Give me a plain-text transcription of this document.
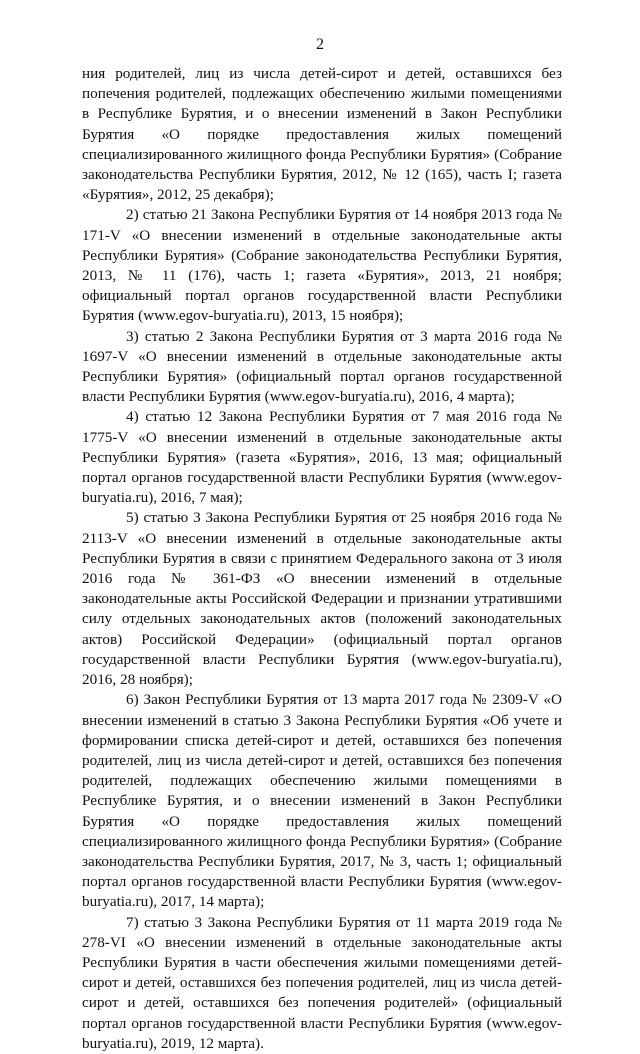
2

ния родителей, лиц из числа детей-сирот и детей, оставшихся без попечения родителей, подлежащих обеспечению жилыми помещениями в Республике Бурятия, и о внесении изменений в Закон Республики Бурятия «О порядке предоставления жилых помещений специализированного жилищного фонда Республики Бурятия» (Собрание законодательства Республики Бурятия, 2012, № 12 (165), часть I; газета «Бурятия», 2012, 25 декабря);

2) статью 21 Закона Республики Бурятия от 14 ноября 2013 года № 171-V «О внесении изменений в отдельные законодательные акты Республики Бурятия» (Собрание законодательства Республики Бурятия, 2013, № 11 (176), часть 1; газета «Бурятия», 2013, 21 ноября; официальный портал органов государственной власти Республики Бурятия (www.egov-buryatia.ru), 2013, 15 ноября);

3) статью 2 Закона Республики Бурятия от 3 марта 2016 года № 1697-V «О внесении изменений в отдельные законодательные акты Республики Бурятия» (официальный портал органов государственной власти Республики Бурятия (www.egov-buryatia.ru), 2016, 4 марта);

4) статью 12 Закона Республики Бурятия от 7 мая 2016 года № 1775-V «О внесении изменений в отдельные законодательные акты Республики Бурятия» (газета «Бурятия», 2016, 13 мая; официальный портал органов государственной власти Республики Бурятия (www.egov-buryatia.ru), 2016, 7 мая);

5) статью 3 Закона Республики Бурятия от 25 ноября 2016 года № 2113-V «О внесении изменений в отдельные законодательные акты Республики Бурятия в связи с принятием Федерального закона от 3 июля 2016 года № 361-ФЗ «О внесении изменений в отдельные законодательные акты Российской Федерации и признании утратившими силу отдельных законодательных актов (положений законодательных актов) Российской Федерации» (официальный портал органов государственной власти Республики Бурятия (www.egov-buryatia.ru), 2016, 28 ноября);

6) Закон Республики Бурятия от 13 марта 2017 года № 2309-V «О внесении изменений в статью 3 Закона Республики Бурятия «Об учете и формировании списка детей-сирот и детей, оставшихся без попечения родителей, лиц из числа детей-сирот и детей, оставшихся без попечения родителей, подлежащих обеспечению жилыми помещениями в Республике Бурятия, и о внесении изменений в Закон Республики Бурятия «О порядке предоставления жилых помещений специализированного жилищного фонда Республики Бурятия» (Собрание законодательства Республики Бурятия, 2017, № 3, часть 1; официальный портал органов государственной власти Республики Бурятия (www.egov-buryatia.ru), 2017, 14 марта);

7) статью 3 Закона Республики Бурятия от 11 марта 2019 года № 278-VI «О внесении изменений в отдельные законодательные акты Республики Бурятия в части обеспечения жилыми помещениями детей-сирот и детей, оставшихся без попечения родителей, лиц из числа детей-сирот и детей, оставшихся без попечения родителей» (официальный портал органов государственной власти Республики Бурятия (www.egov-buryatia.ru), 2019, 12 марта).
